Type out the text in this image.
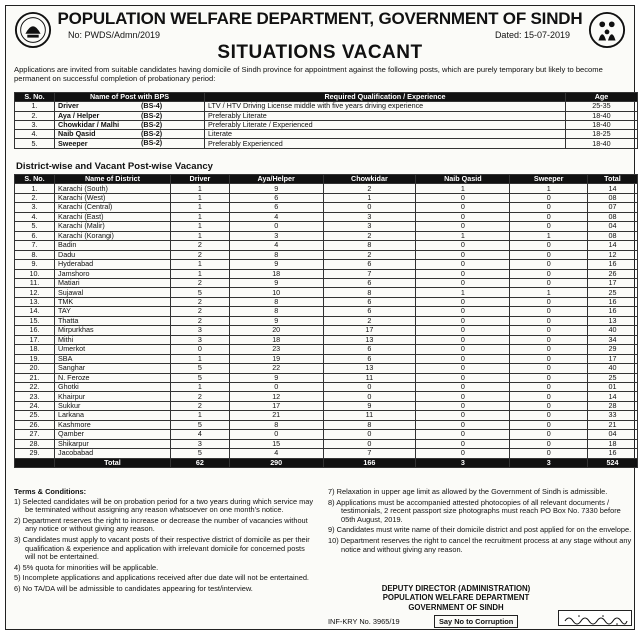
POPULATION WELFARE DEPARTMENT, GOVERNMENT OF SINDH
No: PWDS/Admn/2019	Dated: 15-07-2019
SITUATIONS VACANT
Applications are invited from suitable candidates having domicile of Sindh province for appointment against the following posts, which are purely temporary but likely to become permanent on successful completion of probationary period:
S. No.	Name of Post with BPS	Required Qualification / Experience	Age
1.	Driver (BS-4)	LTV / HTV Driving License middle with five years driving experience	25-35
2.	Aya / Helper (BS-2)	Preferably Literate	18-40
3.	Chowkidar / Malhi (BS-2)	Preferably Literate / Experienced	18-40
4.	Naib Qasid (BS-2)	Literate	18-25
5.	Sweeper (BS-2)	Preferably Experienced	18-40
District-wise and Vacant Post-wise Vacancy
S. No.	Name of District	Driver	Aya/Helper	Chowkidar	Naib Qasid	Sweeper	Total
1.	Karachi (South)	1	9	2	1	1	14
2.	Karachi (West)	1	6	1	0	0	08
3.	Karachi (Central)	1	6	0	0	0	07
4.	Karachi (East)	1	4	3	0	0	08
5.	Karachi (Malir)	1	0	3	0	0	04
6.	Karachi (Korangi)	1	3	2	1	1	08
7.	Badin	2	4	8	0	0	14
8.	Dadu	2	8	2	0	0	12
9.	Hyderabad	1	9	6	0	0	16
10.	Jamshoro	1	18	7	0	0	26
11.	Matiari	2	9	6	0	0	17
12.	Sujawal	5	10	8	1	1	25
13.	TMK	2	8	6	0	0	16
14.	TAY	2	8	6	0	0	16
15.	Thatta	2	9	2	0	0	13
16.	Mirpurkhas	3	20	17	0	0	40
17.	Mithi	3	18	13	0	0	34
18.	Umerkot	0	23	6	0	0	29
19.	SBA	1	19	6	0	0	17
20.	Sanghar	5	22	13	0	0	40
21.	N. Feroze	5	9	11	0	0	25
22.	Ghotki	1	0	0	0	0	01
23.	Khairpur	2	12	0	0	0	14
24.	Sukkur	2	17	9	0	0	28
25.	Larkana	1	21	11	0	0	33
26.	Kashmore	5	8	8	0	0	21
27.	Qamber	4	0	0	0	0	04
28.	Shikarpur	3	15	0	0	0	18
29.	Jacobabad	5	4	7	0	0	16
	Total	62	290	166	3	3	524
Terms & Conditions:

1) Selected candidates will be on probation period for a two years during which service may be terminated without assigning any reason whatsoever on one month's notice.

2) Department reserves the right to increase or decrease the number of vacancies without any notice or without giving any reason.

3) Candidates must apply to vacant posts of their respective district of domicile as per their qualification & experience and application with irrelevant domicile for concerned posts will not be entertained.

4) 5% quota for minorities will be applicable.

5) Incomplete applications and applications received after due date will not be entertained.

6) No TA/DA will be admissible to candidates appearing for test/interview.

7) Relaxation in upper age limit as allowed by the Government of Sindh is admissible.

8) Applications must be accompanied attested photocopies of all relevant documents / testimonials, 2 recent passport size photographs must reach PO Box No. 7330 before 05th August, 2019.

9) Candidates must write name of their domicile district and post applied for on the envelope.

10) Department reserves the right to cancel the recruitment process at any stage without any notice and without giving any reason.

DEPUTY DIRECTOR (ADMINISTRATION)
POPULATION WELFARE DEPARTMENT
GOVERNMENT OF SINDH
INF-KRY No. 3965/19	Say No to Corruption
